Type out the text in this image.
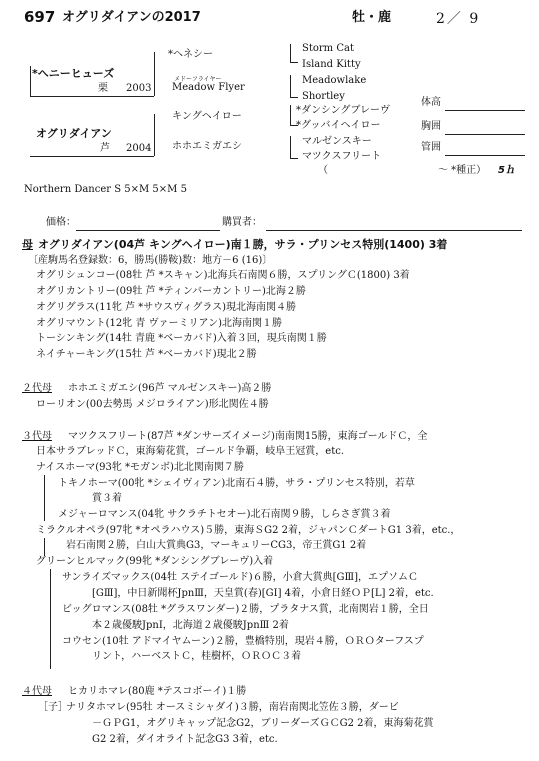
697 オグリダイアンの2017	牡・鹿	2／ 9
*ヘニーヒューズ
栗 2003
*ヘネシー
メドーフライヤー
Meadow Flyer
Storm Cat
Island Kitty
Meadowlake
Shortley
オグリダイアン
芦 2004
キングヘイロー
ホホエミガエシ
*ダンシングブレーヴ
*グッバイヘイロー
マルゼンスキー
マツクスフリート
（　　　　　　　　　　　～ *種正） 5ｈ
体高
胸囲
管囲
Northern Dancer S 5×M 5×M 5
価格：	購買者：
母 オグリダイアン(04芦 キングヘイロー)南１勝，サラ・プリンセス特別(1400) 3着
〔産駒馬名登録数：6，勝馬(勝鞍)数：地方－6 (16)〕
オグリシュンコー(08牡 芦 *スキャン)北海兵石南関６勝，スプリングＣ(1800) 3着
オグリカントリー(09牡 芦 *ティンバーカントリー)北海２勝
オグリグラス(11牝 芦 *サウスヴィグラス)現北海南関４勝
オグリマウント(12牝 青 ヴァーミリアン)北海南関１勝
トーシンキング(14牡 青鹿 *ベーカバド)入着３回，現兵南関１勝
ネイチャーキング(15牡 芦 *ベーカバド)現北２勝
２代母 ホホエミガエシ(96芦 マルゼンスキー)高２勝
ローリオン(00去勢馬 メジロライアン)形北関佐４勝
３代母 マツクスフリート(87芦 *ダンサーズイメージ)南南関15勝，東海ゴールドＣ，全
日本サラブレッドＣ，東海菊花賞，ゴールド争覇，岐阜王冠賞，etc.
ナイスホーマ(93牝 *モガンボ)北北関南関７勝
トキノホーマ(00牝 *シェイヴィアン)北南石４勝，サラ・プリンセス特別，若草
賞３着
メジャーロマンス(04牝 サクラチトセオー)北石南関９勝，しらさぎ賞３着
ミラクルオペラ(97牝 *オペラハウス)５勝，東海ＳG2 2着，ジャパンＣダートG1 3着，etc.，
岩石南関２勝，白山大賞典G3，マーキュリーCG3，帝王賞G1 2着
グリーンヒルマック(99牝 *ダンシングブレーヴ)入着
サンライズマックス(04牡 ステイゴールド)６勝，小倉大賞典[GⅢ]，エプソムＣ
[GⅢ]，中日新聞杯JpnⅢ，天皇賞(春)[GⅠ] 4着，小倉日経ＯＰ[L] 2着，etc.
ビッグロマンス(08牡 *グラスワンダー)２勝，プラタナス賞，北南関岩１勝，全日
本２歳優駿JpnⅠ，北海道２歳優駿JpnⅢ 2着
コウセン(10牡 アドマイヤムーン)２勝，豊橋特別，現岩４勝，ＯＲＯターフスプ
リント，ハーベストＣ，桂樹杯，ＯＲＯＣ３着
４代母 ヒカリホマレ(80鹿 *テスコボーイ)１勝
［子］
ナリタホマレ(95牡 オースミシャダイ)３勝，南岩南関北笠佐３勝，ダービ
－ＧＰG1，オグリキャップ記念G2，ブリーダーズＧＣG2 2着，東海菊花賞
G2 2着，ダイオライト記念G3 3着，etc.
